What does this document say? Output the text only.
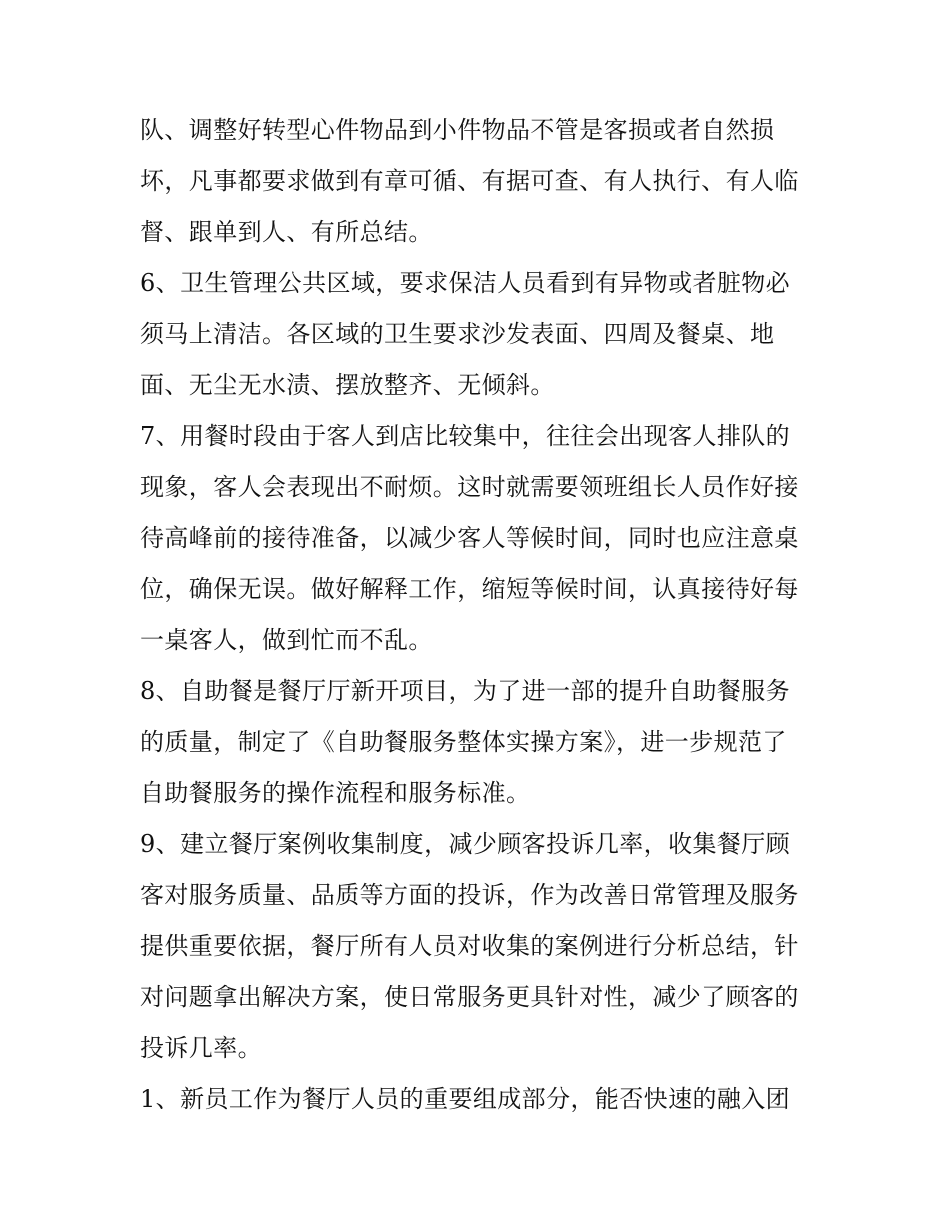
队、调整好转型心件物品到小件物品不管是客损或者自然损
坏，凡事都要求做到有章可循、有据可查、有人执行、有人临
督、跟单到人、有所总结。
6、卫生管理公共区域，要求保洁人员看到有异物或者脏物必
须马上清洁。各区域的卫生要求沙发表面、四周及餐桌、地
面、无尘无水渍、摆放整齐、无倾斜。
7、用餐时段由于客人到店比较集中，往往会出现客人排队的
现象，客人会表现出不耐烦。这时就需要领班组长人员作好接
待高峰前的接待准备，以减少客人等候时间，同时也应注意桌
位，确保无误。做好解释工作，缩短等候时间，认真接待好每
一桌客人，做到忙而不乱。
8、自助餐是餐厅厅新开项目，为了进一部的提升自助餐服务
的质量，制定了《自助餐服务整体实操方案》，进一步规范了
自助餐服务的操作流程和服务标准。
9、建立餐厅案例收集制度，减少顾客投诉几率，收集餐厅顾
客对服务质量、品质等方面的投诉，作为改善日常管理及服务
提供重要依据，餐厅所有人员对收集的案例进行分析总结，针
对问题拿出解决方案，使日常服务更具针对性，减少了顾客的
投诉几率。
1、新员工作为餐厅人员的重要组成部分，能否快速的融入团
